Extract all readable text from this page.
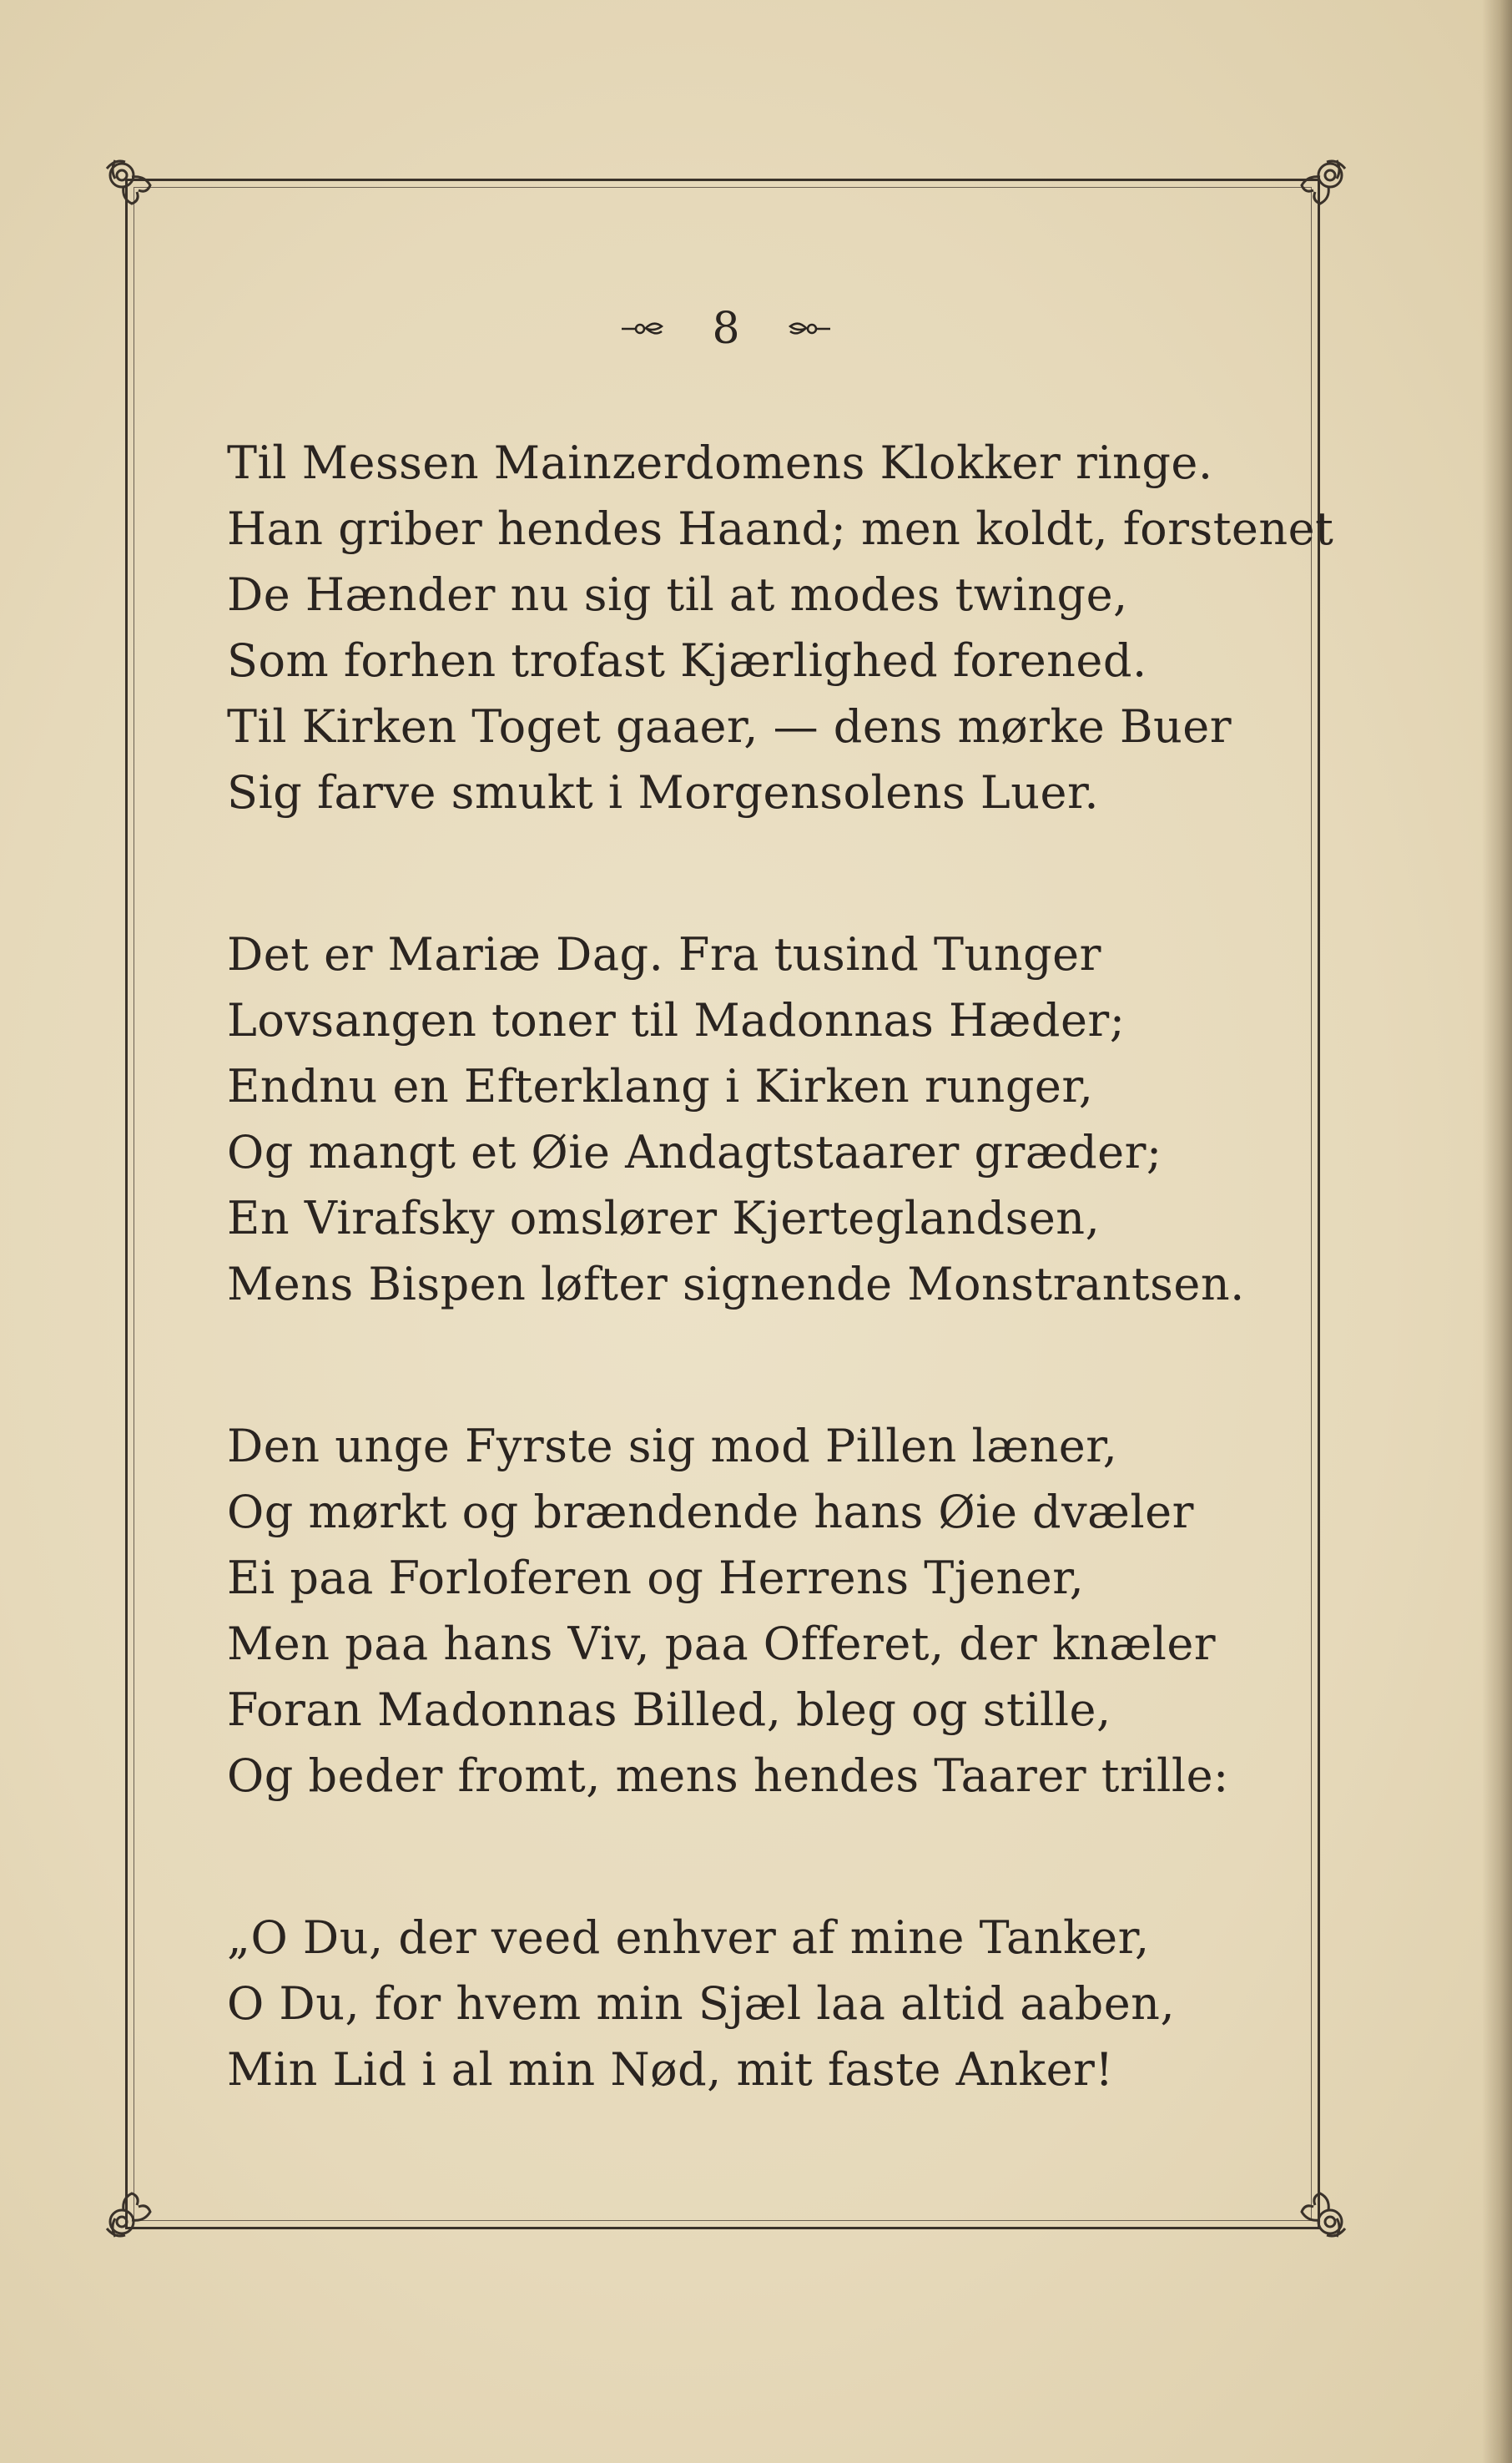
8
Til Messen Mainzerdomens Klokker ringe.
Han griber hendes Haand; men koldt, forstenet
De Hænder nu sig til at modes twinge,
Som forhen trofast Kjærlighed forened.
Til Kirken Toget gaaer, — dens mørke Buer
Sig farve smukt i Morgensolens Luer.
Det er Mariæ Dag. Fra tusind Tunger
Lovsangen toner til Madonnas Hæder;
Endnu en Efterklang i Kirken runger,
Og mangt et Øie Andagtstaarer græder;
En Virafsky omslører Kjerteglandsen,
Mens Bispen løfter signende Monstrantsen.
Den unge Fyrste sig mod Pillen læner,
Og mørkt og brændende hans Øie dvæler
Ei paa Forloferen og Herrens Tjener,
Men paa hans Viv, paa Offeret, der knæler
Foran Madonnas Billed, bleg og stille,
Og beder fromt, mens hendes Taarer trille:
„O Du, der veed enhver af mine Tanker,
O Du, for hvem min Sjæl laa altid aaben,
Min Lid i al min Nød, mit faste Anker!
